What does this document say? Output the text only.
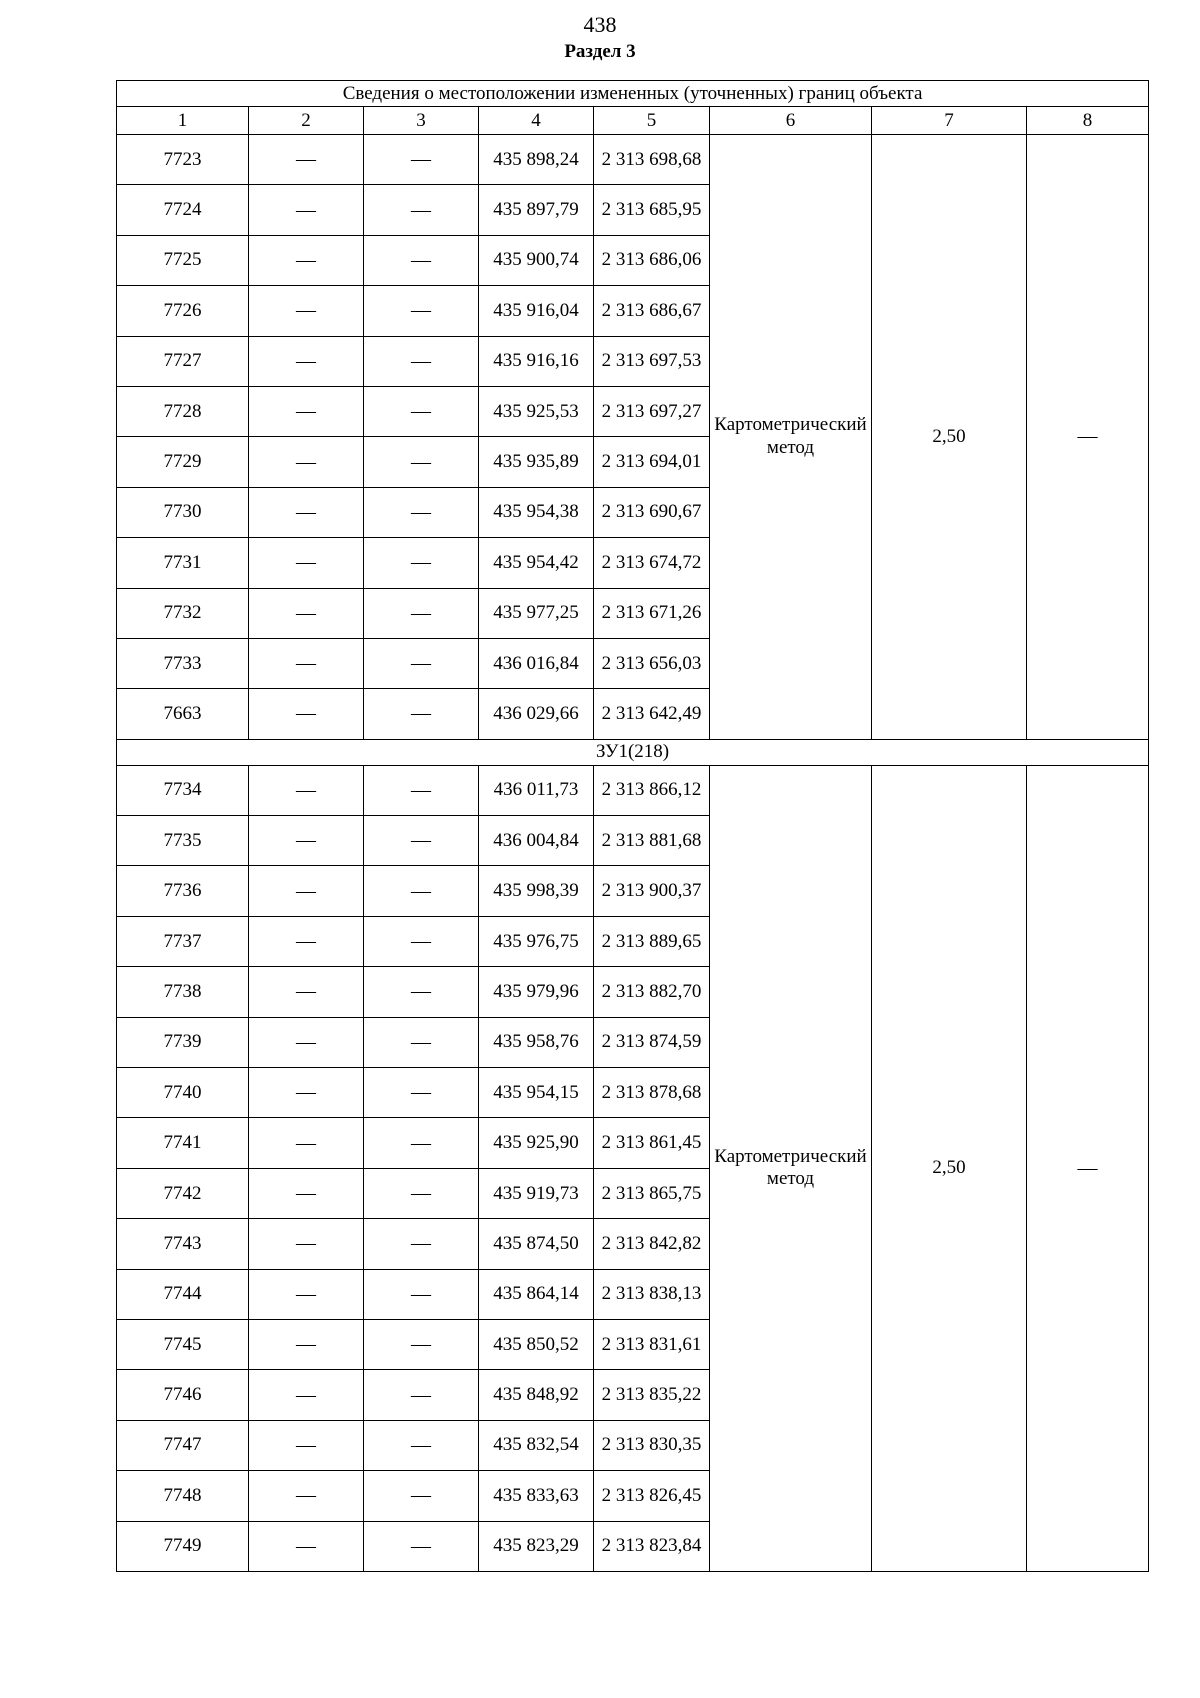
438
Раздел 3
Сведения о местоположении измененных (уточненных) границ объекта							
1	2	3	4	5	6	7	8
7723	—	—	435 898,24	2 313 698,68	Картометрический метод	2,50	—
7724	—	—	435 897,79	2 313 685,95			
7725	—	—	435 900,74	2 313 686,06			
7726	—	—	435 916,04	2 313 686,67			
7727	—	—	435 916,16	2 313 697,53			
7728	—	—	435 925,53	2 313 697,27			
7729	—	—	435 935,89	2 313 694,01			
7730	—	—	435 954,38	2 313 690,67			
7731	—	—	435 954,42	2 313 674,72			
7732	—	—	435 977,25	2 313 671,26			
7733	—	—	436 016,84	2 313 656,03			
7663	—	—	436 029,66	2 313 642,49			
ЗУ1(218)							
7734	—	—	436 011,73	2 313 866,12	Картометрический метод	2,50	—
7735	—	—	436 004,84	2 313 881,68			
7736	—	—	435 998,39	2 313 900,37			
7737	—	—	435 976,75	2 313 889,65			
7738	—	—	435 979,96	2 313 882,70			
7739	—	—	435 958,76	2 313 874,59			
7740	—	—	435 954,15	2 313 878,68			
7741	—	—	435 925,90	2 313 861,45			
7742	—	—	435 919,73	2 313 865,75			
7743	—	—	435 874,50	2 313 842,82			
7744	—	—	435 864,14	2 313 838,13			
7745	—	—	435 850,52	2 313 831,61			
7746	—	—	435 848,92	2 313 835,22			
7747	—	—	435 832,54	2 313 830,35			
7748	—	—	435 833,63	2 313 826,45			
7749	—	—	435 823,29	2 313 823,84			
